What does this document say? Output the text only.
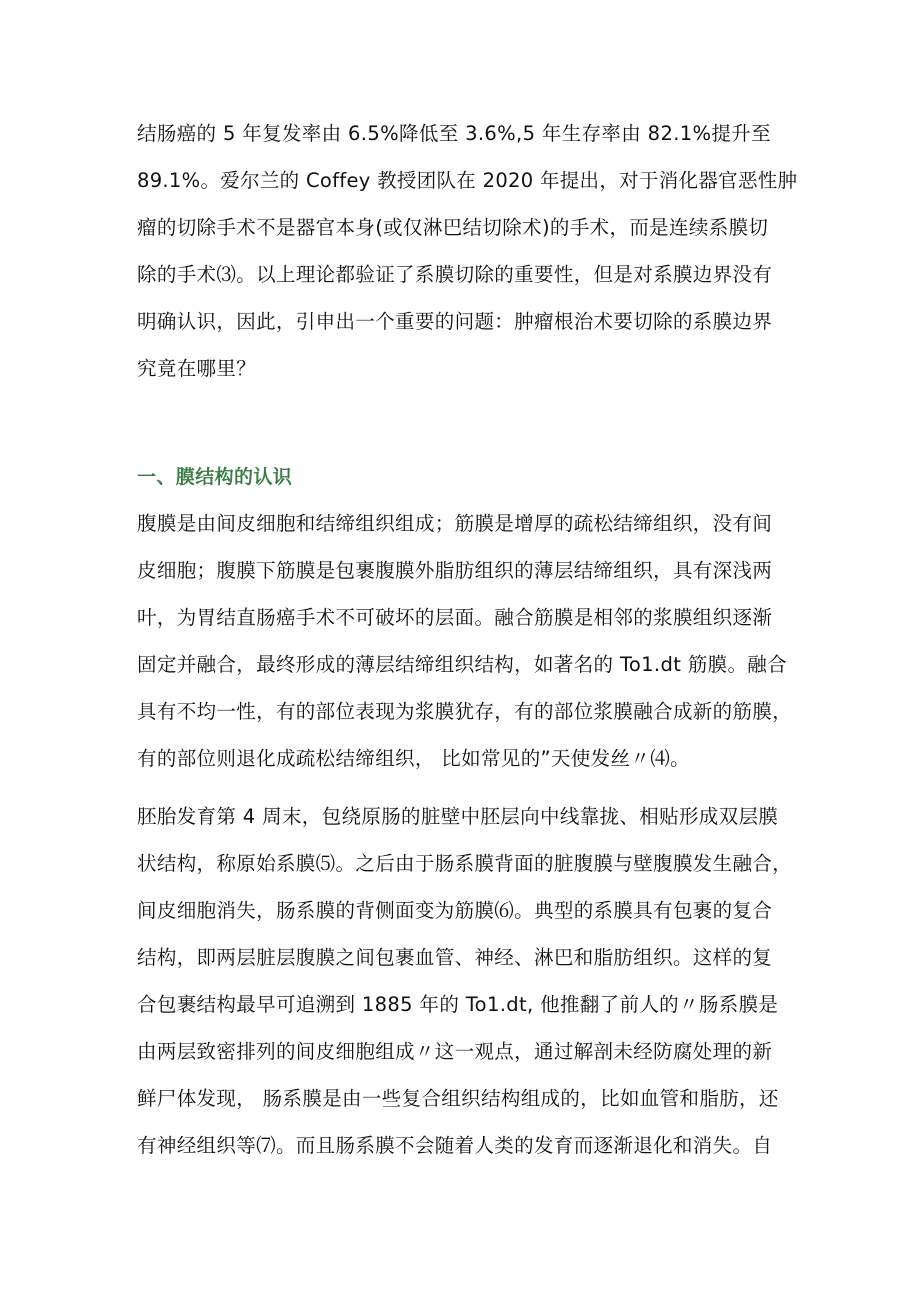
结肠癌的 5 年复发率由 6.5%降低至 3.6%,5 年生存率由 82.1%提升至
89.1%。爱尔兰的 Coffey 教授团队在 2020 年提出，对于消化器官恶性肿
瘤的切除手术不是器官本身(或仅淋巴结切除术)的手术，而是连续系膜切
除的手术⑶。以上理论都验证了系膜切除的重要性，但是对系膜边界没有
明确认识，因此，引申出一个重要的问题：肿瘤根治术要切除的系膜边界
究竟在哪里？
一、膜结构的认识
腹膜是由间皮细胞和结缔组织组成；筋膜是增厚的疏松结缔组织，没有间
皮细胞；腹膜下筋膜是包裹腹膜外脂肪组织的薄层结缔组织，具有深浅两
叶，为胃结直肠癌手术不可破坏的层面。融合筋膜是相邻的浆膜组织逐渐
固定并融合，最终形成的薄层结缔组织结构，如著名的 To1.dt 筋膜。融合
具有不均一性，有的部位表现为浆膜犹存，有的部位浆膜融合成新的筋膜，
有的部位则退化成疏松结缔组织， 比如常见的”天使发丝〃⑷。
胚胎发育第 4 周末，包绕原肠的脏壁中胚层向中线靠拢、相贴形成双层膜
状结构，称原始系膜⑸。之后由于肠系膜背面的脏腹膜与壁腹膜发生融合，
间皮细胞消失，肠系膜的背侧面变为筋膜⑹。典型的系膜具有包裹的复合
结构，即两层脏层腹膜之间包裹血管、神经、淋巴和脂肪组织。这样的复
合包裹结构最早可追溯到 1885 年的 To1.dt, 他推翻了前人的〃肠系膜是
由两层致密排列的间皮细胞组成〃这一观点，通过解剖未经防腐处理的新
鲜尸体发现， 肠系膜是由一些复合组织结构组成的，比如血管和脂肪，还
有神经组织等⑺。而且肠系膜不会随着人类的发育而逐渐退化和消失。自
